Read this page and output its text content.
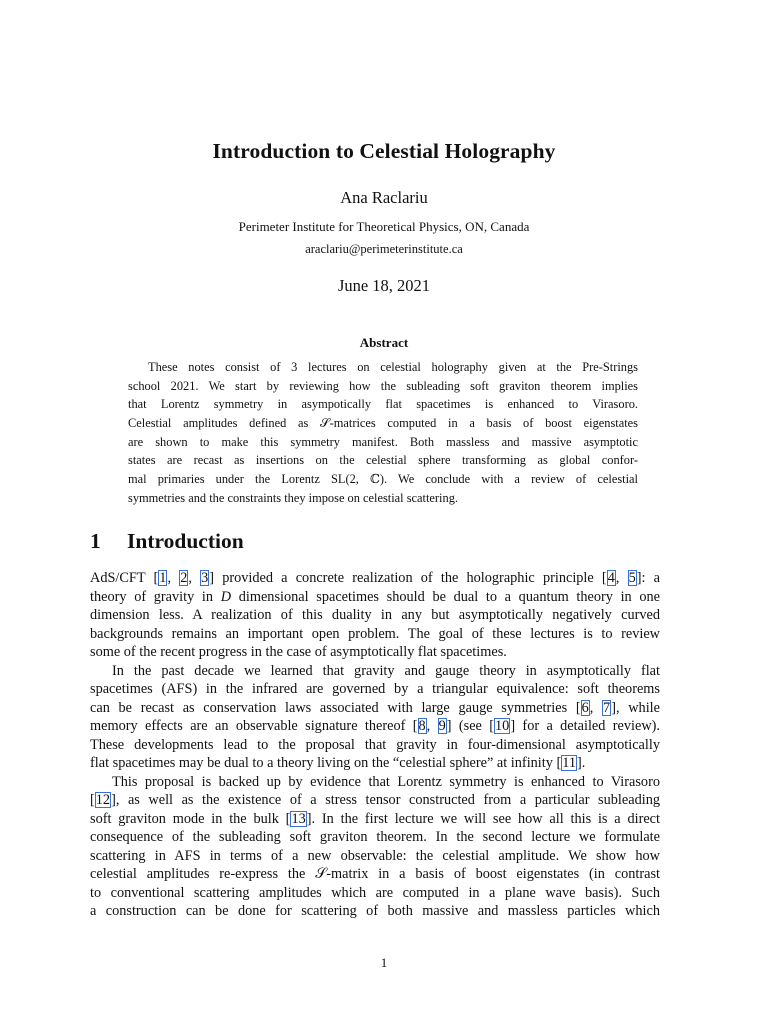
Introduction to Celestial Holography
Ana Raclariu
Perimeter Institute for Theoretical Physics, ON, Canada
araclariu@perimeterinstitute.ca
June 18, 2021
Abstract
These notes consist of 3 lectures on celestial holography given at the Pre-Strings
school 2021. We start by reviewing how the subleading soft graviton theorem implies
that Lorentz symmetry in asympotically flat spacetimes is enhanced to Virasoro.
Celestial amplitudes defined as 𝒮-matrices computed in a basis of boost eigenstates
are shown to make this symmetry manifest. Both massless and massive asymptotic
states are recast as insertions on the celestial sphere transforming as global confor-
mal primaries under the Lorentz SL(2, ℂ). We conclude with a review of celestial
symmetries and the constraints they impose on celestial scattering.
1 Introduction
AdS/CFT [1, 2, 3] provided a concrete realization of the holographic principle [4, 5]: a
theory of gravity in D dimensional spacetimes should be dual to a quantum theory in one
dimension less. A realization of this duality in any but asymptotically negatively curved
backgrounds remains an important open problem. The goal of these lectures is to review
some of the recent progress in the case of asymptotically flat spacetimes.
In the past decade we learned that gravity and gauge theory in asymptotically flat
spacetimes (AFS) in the infrared are governed by a triangular equivalence: soft theorems
can be recast as conservation laws associated with large gauge symmetries [6, 7], while
memory effects are an observable signature thereof [8, 9] (see [10] for a detailed review).
These developments lead to the proposal that gravity in four-dimensional asymptotically
flat spacetimes may be dual to a theory living on the “celestial sphere” at infinity [11].
This proposal is backed up by evidence that Lorentz symmetry is enhanced to Virasoro
[12], as well as the existence of a stress tensor constructed from a particular subleading
soft graviton mode in the bulk [13]. In the first lecture we will see how all this is a direct
consequence of the subleading soft graviton theorem. In the second lecture we formulate
scattering in AFS in terms of a new observable: the celestial amplitude. We show how
celestial amplitudes re-express the 𝒮-matrix in a basis of boost eigenstates (in contrast
to conventional scattering amplitudes which are computed in a plane wave basis). Such
a construction can be done for scattering of both massive and massless particles which
1
